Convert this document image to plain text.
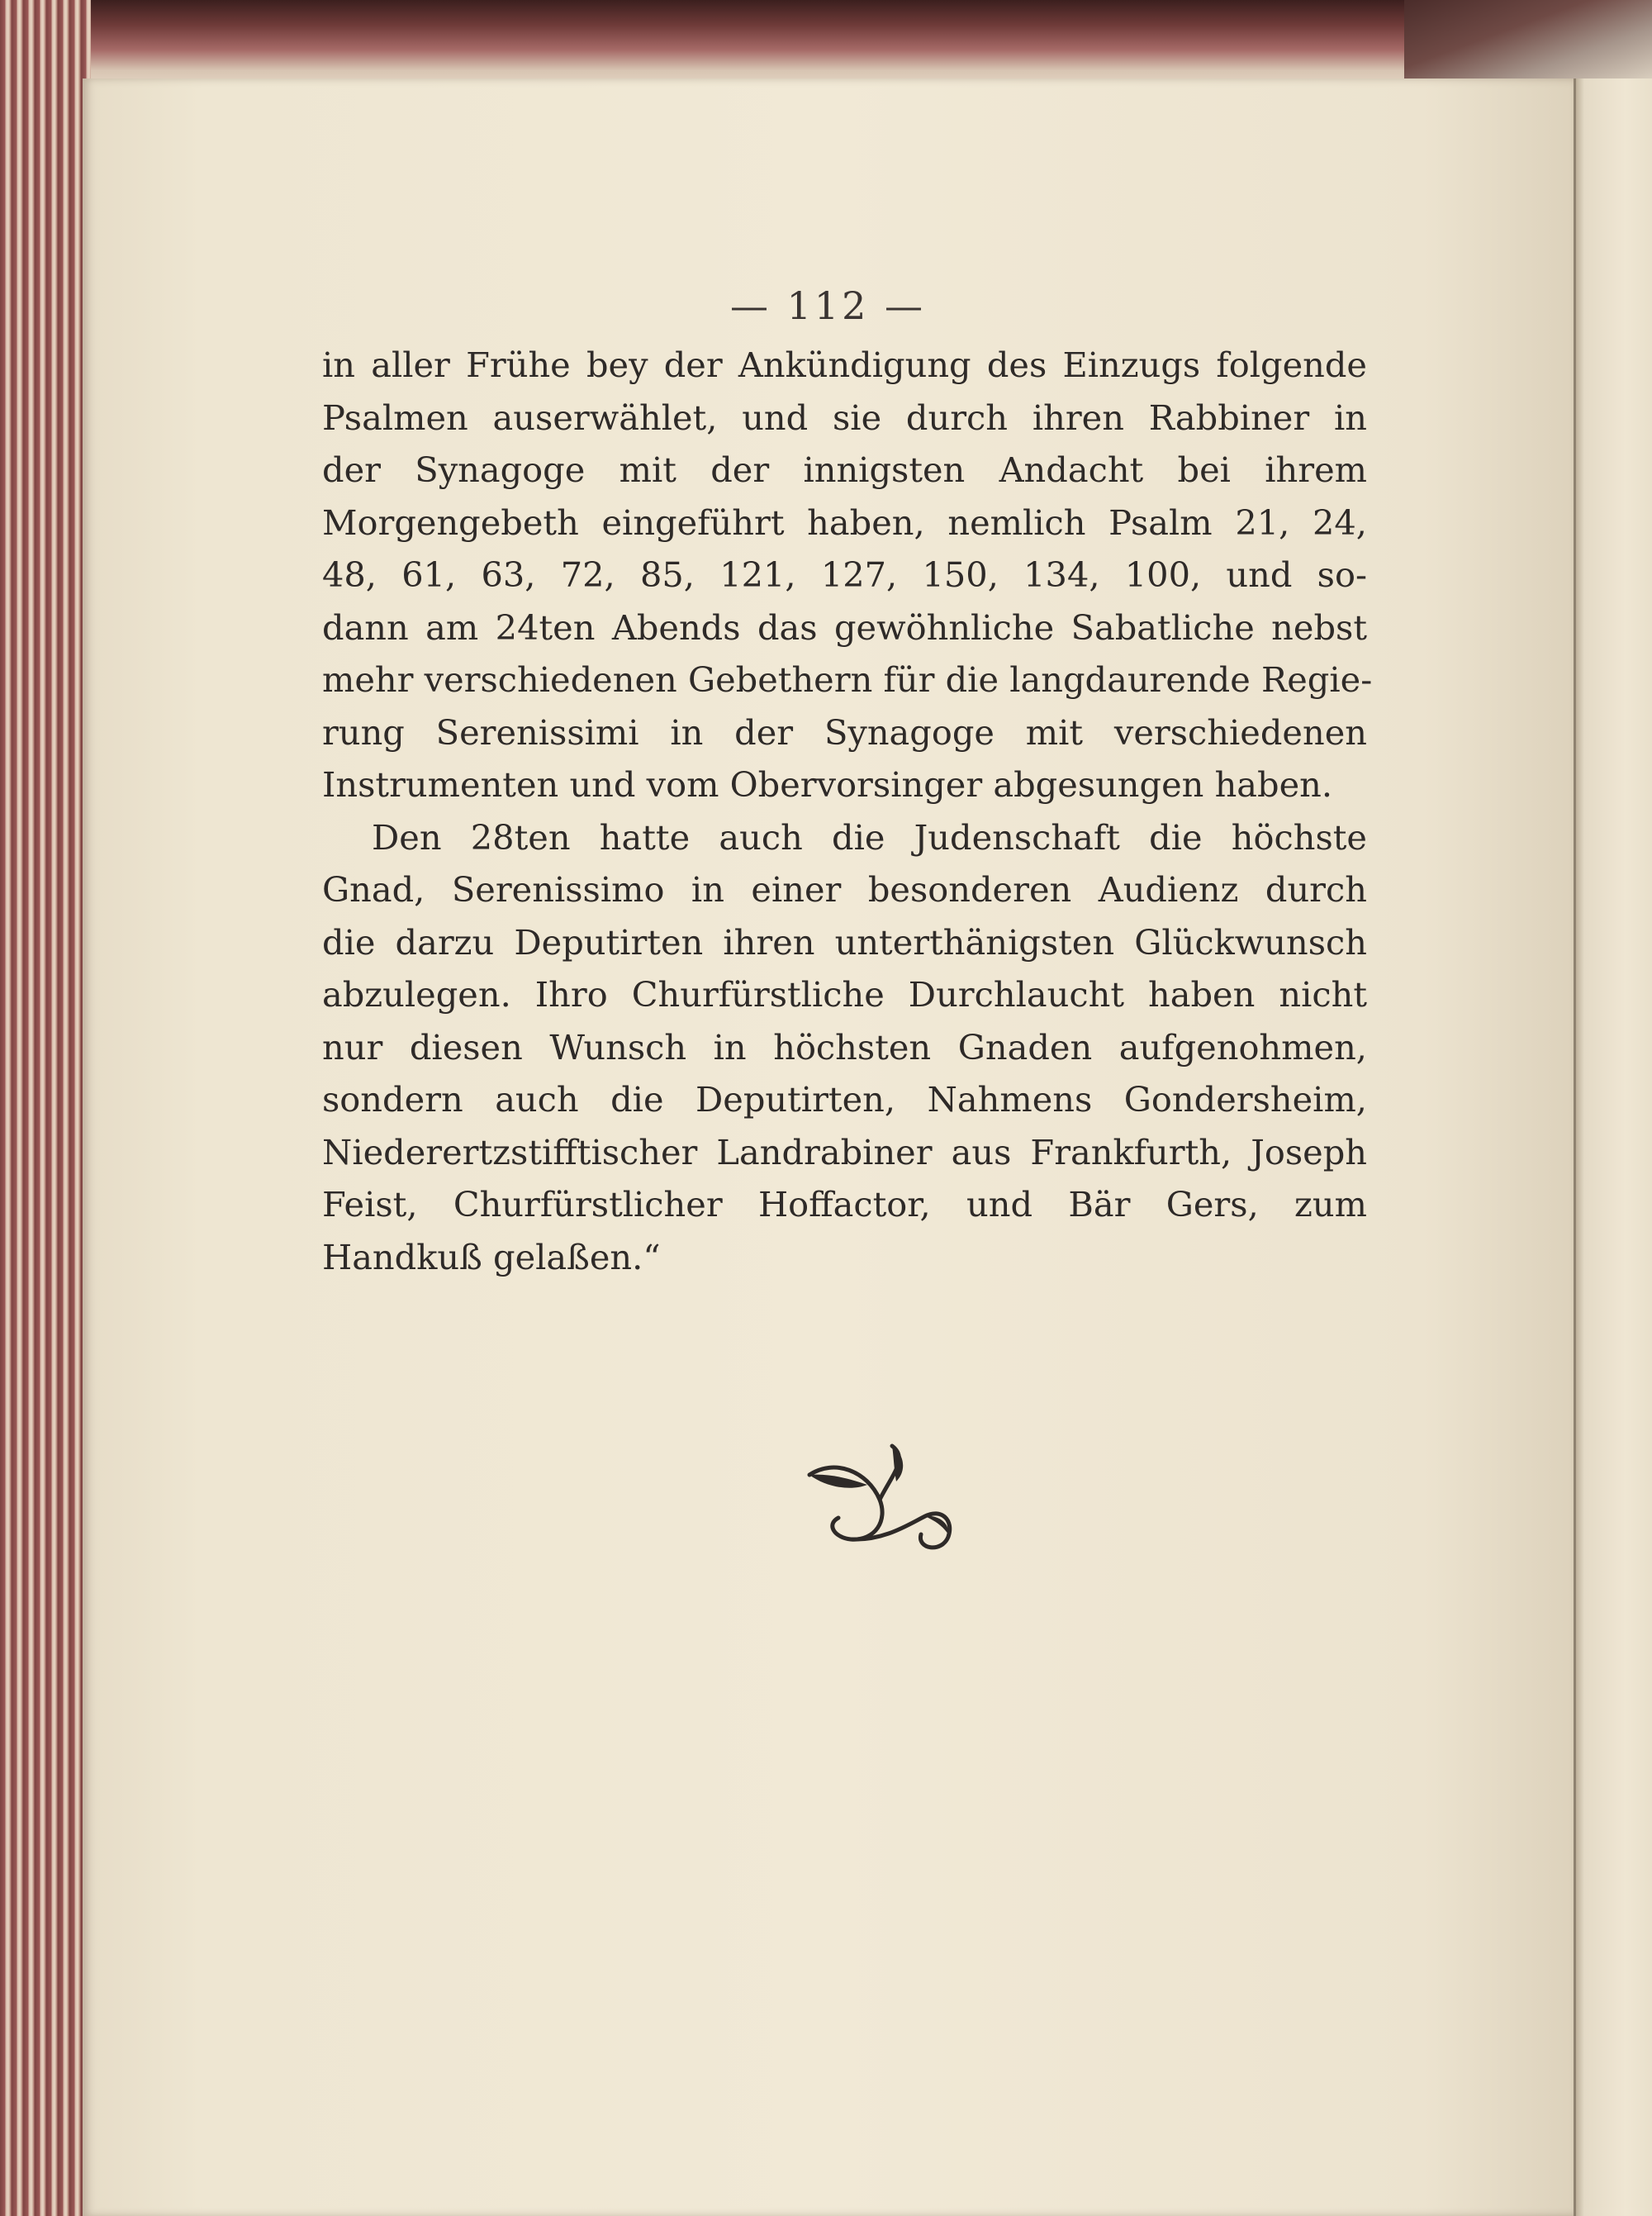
— 112 —
in aller Frühe bey der Ankündigung des Einzugs folgende
Psalmen auserwählet, und sie durch ihren Rabbiner in
der Synagoge mit der innigsten Andacht bei ihrem
Morgengebeth eingeführt haben, nemlich Psalm 21, 24,
48, 61, 63, 72, 85, 121, 127, 150, 134, 100, und so-
dann am 24ten Abends das gewöhnliche Sabatliche nebst
mehr verschiedenen Gebethern für die langdaurende Regie-
rung Serenissimi in der Synagoge mit verschiedenen
Instrumenten und vom Obervorsinger abgesungen haben.
Den 28ten hatte auch die Judenschaft die höchste
Gnad, Serenissimo in einer besonderen Audienz durch
die darzu Deputirten ihren unterthänigsten Glückwunsch
abzulegen. Ihro Churfürstliche Durchlaucht haben nicht
nur diesen Wunsch in höchsten Gnaden aufgenohmen,
sondern auch die Deputirten, Nahmens Gondersheim,
Niederertzstifftischer Landrabiner aus Frankfurth, Joseph
Feist, Churfürstlicher Hoffactor, und Bär Gers, zum
Handkuß gelaßen.“
